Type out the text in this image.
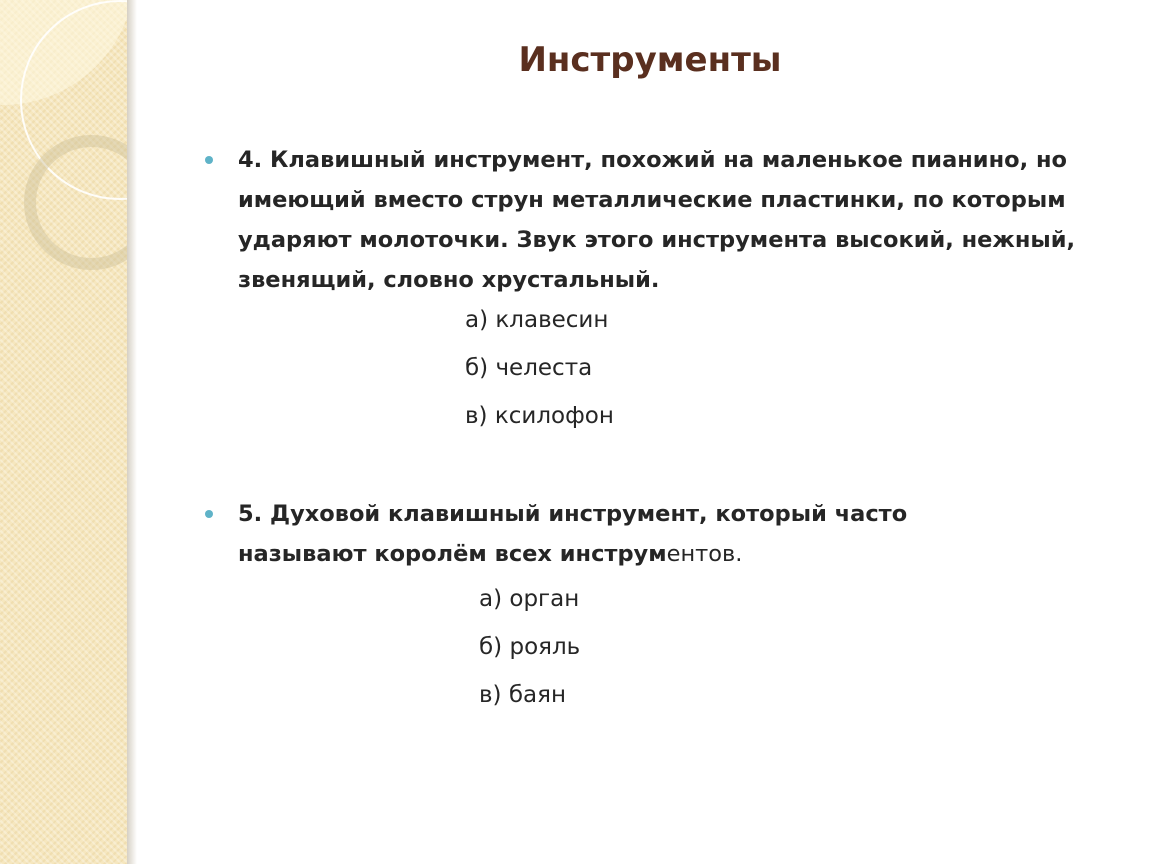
Инструменты

4. Клавишный инструмент, похожий на маленькое пианино, но имеющий вместо струн металлические пластинки, по которым ударяют молоточки. Звук этого инструмента высокий, нежный, звенящий, словно хрустальный.

а) клавесин

б) челеста

в) ксилофон

5. Духовой клавишный инструмент, который часто называют королём всех инструментов.

а) орган

б) рояль

в) баян
